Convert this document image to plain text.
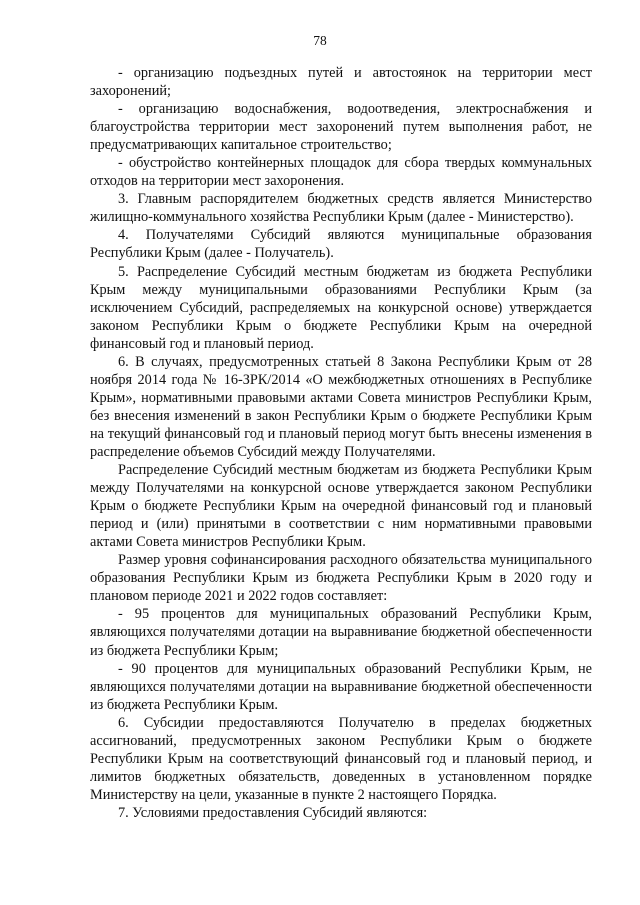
78

- организацию подъездных путей и автостоянок на территории мест захоронений;

- организацию водоснабжения, водоотведения, электроснабжения и благоустройства территории мест захоронений путем выполнения работ, не предусматривающих капитальное строительство;

- обустройство контейнерных площадок для сбора твердых коммунальных отходов на территории мест захоронения.

3. Главным распорядителем бюджетных средств является Министерство жилищно-коммунального хозяйства Республики Крым (далее - Министерство).

4. Получателями Субсидий являются муниципальные образования Республики Крым (далее - Получатель).

5. Распределение Субсидий местным бюджетам из бюджета Республики Крым между муниципальными образованиями Республики Крым (за исключением Субсидий, распределяемых на конкурсной основе) утверждается законом Республики Крым о бюджете Республики Крым на очередной финансовый год и плановый период.

6. В случаях, предусмотренных статьей 8 Закона Республики Крым от 28 ноября 2014 года № 16-ЗРК/2014 «О межбюджетных отношениях в Республике Крым», нормативными правовыми актами Совета министров Республики Крым, без внесения изменений в закон Республики Крым о бюджете Республики Крым на текущий финансовый год и плановый период могут быть внесены изменения в распределение объемов Субсидий между Получателями.

Распределение Субсидий местным бюджетам из бюджета Республики Крым между Получателями на конкурсной основе утверждается законом Республики Крым о бюджете Республики Крым на очередной финансовый год и плановый период и (или) принятыми в соответствии с ним нормативными правовыми актами Совета министров Республики Крым.

Размер уровня софинансирования расходного обязательства муниципального образования Республики Крым из бюджета Республики Крым в 2020 году и плановом периоде 2021 и 2022 годов составляет:

- 95 процентов для муниципальных образований Республики Крым, являющихся получателями дотации на выравнивание бюджетной обеспеченности из бюджета Республики Крым;

- 90 процентов для муниципальных образований Республики Крым, не являющихся получателями дотации на выравнивание бюджетной обеспеченности из бюджета Республики Крым.

6. Субсидии предоставляются Получателю в пределах бюджетных ассигнований, предусмотренных законом Республики Крым о бюджете Республики Крым на соответствующий финансовый год и плановый период, и лимитов бюджетных обязательств, доведенных в установленном порядке Министерству на цели, указанные в пункте 2 настоящего Порядка.

7. Условиями предоставления Субсидий являются:
